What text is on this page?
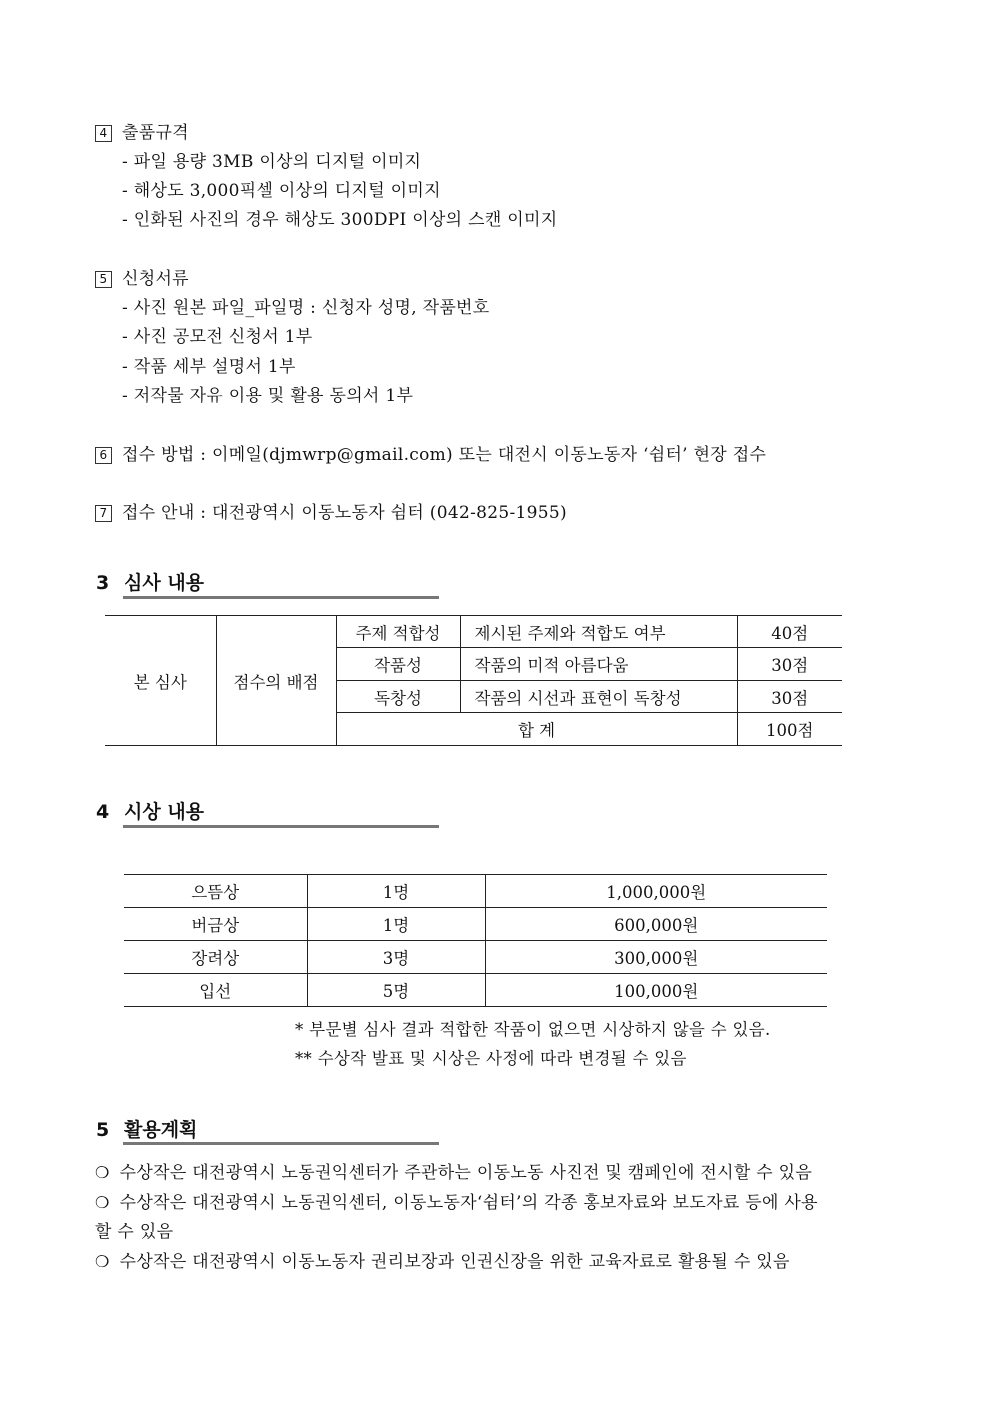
4 출품규격
- 파일 용량 3MB 이상의 디지털 이미지
- 해상도 3,000픽셀 이상의 디지털 이미지
- 인화된 사진의 경우 해상도 300DPI 이상의 스캔 이미지
5 신청서류
- 사진 원본 파일_파일명 : 신청자 성명, 작품번호
- 사진 공모전 신청서 1부
- 작품 세부 설명서 1부
- 저작물 자유 이용 및 활용 동의서 1부
6 접수 방법 : 이메일(djmwrp@gmail.com) 또는 대전시 이동노동자 ‘쉼터’ 현장 접수
7 접수 안내 : 대전광역시 이동노동자 쉼터 (042-825-1955)
3 심사 내용
본 심사	점수의 배점	주제 적합성	제시된 주제와 적합도 여부	40점
		작품성	작품의 미적 아름다움	30점
		독창성	작품의 시선과 표현이 독창성	30점
		합 계		100점
4 시상 내용
으뜸상	1명	1,000,000원
버금상	1명	600,000원
장려상	3명	300,000원
입선	5명	100,000원
* 부문별 심사 결과 적합한 작품이 없으면 시상하지 않을 수 있음.
** 수상작 발표 및 시상은 사정에 따라 변경될 수 있음
5 활용계획
❍ 수상작은 대전광역시 노동권익센터가 주관하는 이동노동 사진전 및 캠페인에 전시할 수 있음
❍ 수상작은 대전광역시 노동권익센터, 이동노동자‘쉼터’의 각종 홍보자료와 보도자료 등에 사용
할 수 있음
❍ 수상작은 대전광역시 이동노동자 권리보장과 인권신장을 위한 교육자료로 활용될 수 있음
